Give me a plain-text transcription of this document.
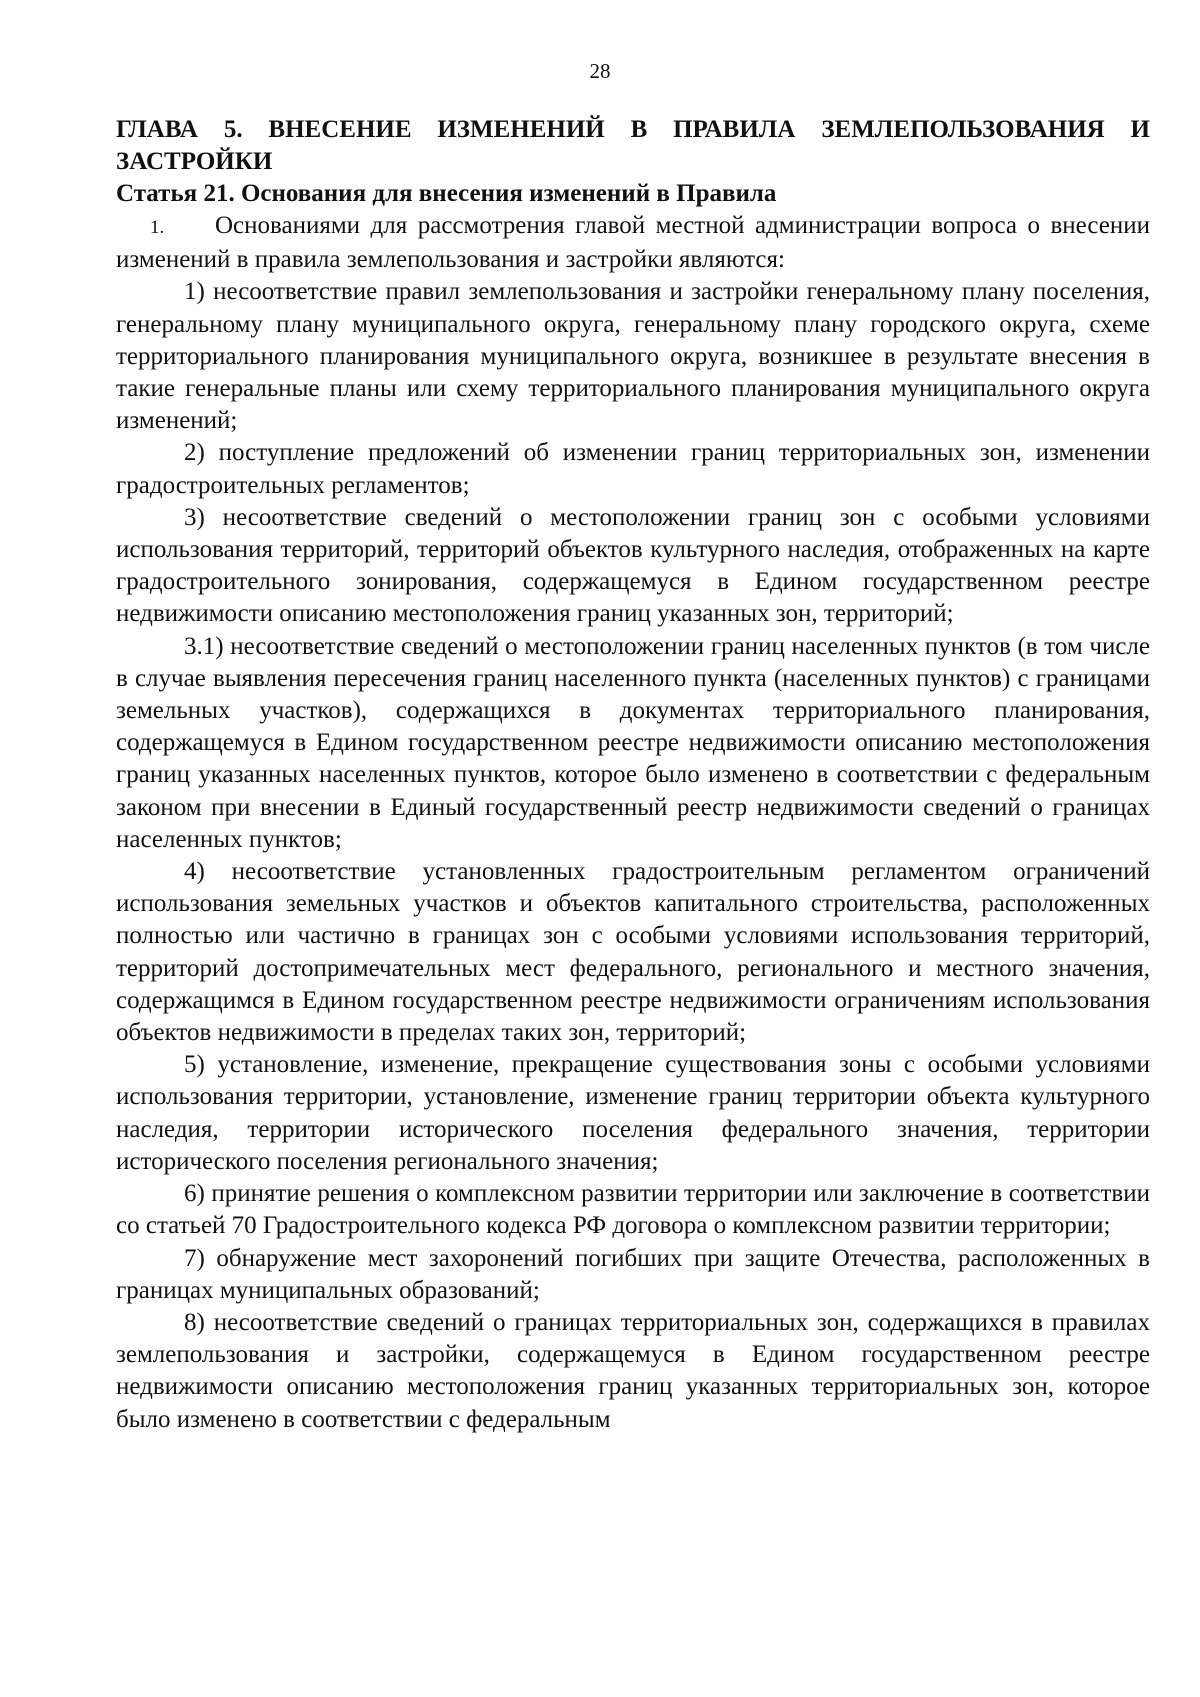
28

ГЛАВА 5. ВНЕСЕНИЕ ИЗМЕНЕНИЙ В ПРАВИЛА ЗЕМЛЕПОЛЬЗОВАНИЯ И ЗАСТРОЙКИ

Статья 21. Основания для внесения изменений в Правила

1. Основаниями для рассмотрения главой местной администрации вопроса о внесении изменений в правила землепользования и застройки являются:

1) несоответствие правил землепользования и застройки генеральному плану поселения, генеральному плану муниципального округа, генеральному плану городского округа, схеме территориального планирования муниципального округа, возникшее в результате внесения в такие генеральные планы или схему территориального планирования муниципального округа изменений;

2) поступление предложений об изменении границ территориальных зон, изменении градостроительных регламентов;

3) несоответствие сведений о местоположении границ зон с особыми условиями использования территорий, территорий объектов культурного наследия, отображенных на карте градостроительного зонирования, содержащемуся в Едином государственном реестре недвижимости описанию местоположения границ указанных зон, территорий;

3.1) несоответствие сведений о местоположении границ населенных пунктов (в том числе в случае выявления пересечения границ населенного пункта (населенных пунктов) с границами земельных участков), содержащихся в документах территориального планирования, содержащемуся в Едином государственном реестре недвижимости описанию местоположения границ указанных населенных пунктов, которое было изменено в соответствии с федеральным законом при внесении в Единый государственный реестр недвижимости сведений о границах населенных пунктов;

4) несоответствие установленных градостроительным регламентом ограничений использования земельных участков и объектов капитального строительства, расположенных полностью или частично в границах зон с особыми условиями использования территорий, территорий достопримечательных мест федерального, регионального и местного значения, содержащимся в Едином государственном реестре недвижимости ограничениям использования объектов недвижимости в пределах таких зон, территорий;

5) установление, изменение, прекращение существования зоны с особыми условиями использования территории, установление, изменение границ территории объекта культурного наследия, территории исторического поселения федерального значения, территории исторического поселения регионального значения;

6) принятие решения о комплексном развитии территории или заключение в соответствии со статьей 70 Градостроительного кодекса РФ договора о комплексном развитии территории;

7) обнаружение мест захоронений погибших при защите Отечества, расположенных в границах муниципальных образований;

8) несоответствие сведений о границах территориальных зон, содержащихся в правилах землепользования и застройки, содержащемуся в Едином государственном реестре недвижимости описанию местоположения границ указанных территориальных зон, которое было изменено в соответствии с федеральным
